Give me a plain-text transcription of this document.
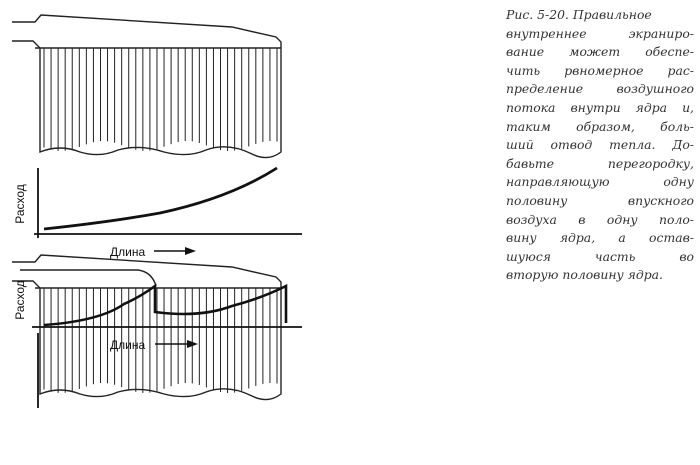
Расход
Длина
Расход
Длина
Рис. 5-20. Правильное
внутреннее экраниро-
вание может обеспе-
чить рвномерное рас-
пределение воздушного
потока внутри ядра и,
таким образом, боль-
ший отвод тепла. До-
бавьте перегородку,
направляющую одну
половину впускного
воздуха в одну поло-
вину ядра, а остав-
шуюся часть во
вторую половину ядра.
